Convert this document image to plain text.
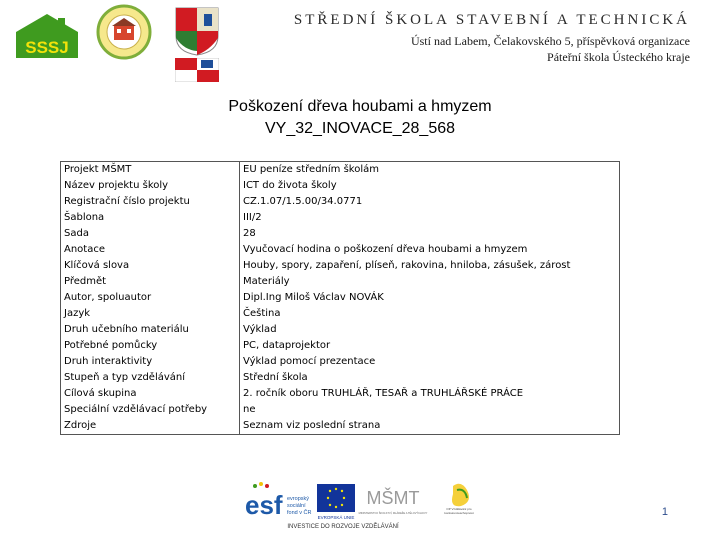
SSSJ
STŘEDNÍ ŠKOLA STAVEBNÍ A TECHNICKÁ
Ústí nad Labem, Čelakovského 5, příspěvková organizace
Páteřní škola Ústeckého kraje
Poškození dřeva houbami a hmyzem
VY_32_INOVACE_28_568
Projekt MŠMT	EU peníze středním školám
Název projektu školy	ICT do života školy
Registrační číslo projektu	CZ.1.07/1.5.00/34.0771
Šablona	III/2
Sada	28
Anotace	Vyučovací hodina o poškození dřeva houbami a hmyzem
Klíčová slova	Houby, spory, zapaření, plíseň, rakovina, hniloba, zásušek, zárost
Předmět	Materiály
Autor, spoluautor	Dipl.Ing Miloš Václav NOVÁK
Jazyk	Čeština
Druh učebního materiálu	Výklad
Potřebné pomůcky	PC, dataprojektor
Druh interaktivity	Výklad pomocí prezentace
Stupeň a typ vzdělávání	Střední škola
Cílová skupina	2. ročník oboru TRUHLÁŘ, TESAŘ a TRUHLÁŘSKÉ PRÁCE
Speciální vzdělávací potřeby	ne
Zdroje	Seznam viz poslední strana
esf evropský
sociální
fond v ČR
EVROPSKÁ UNIE
MŠMT
MINISTERSTVO ŠKOLSTVÍ, MLÁDEŽE A TĚLOVÝCHOVY
OP Vzdělávání pro konkurenceschopnost
INVESTICE DO ROZVOJE VZDĚLÁVÁNÍ
1
